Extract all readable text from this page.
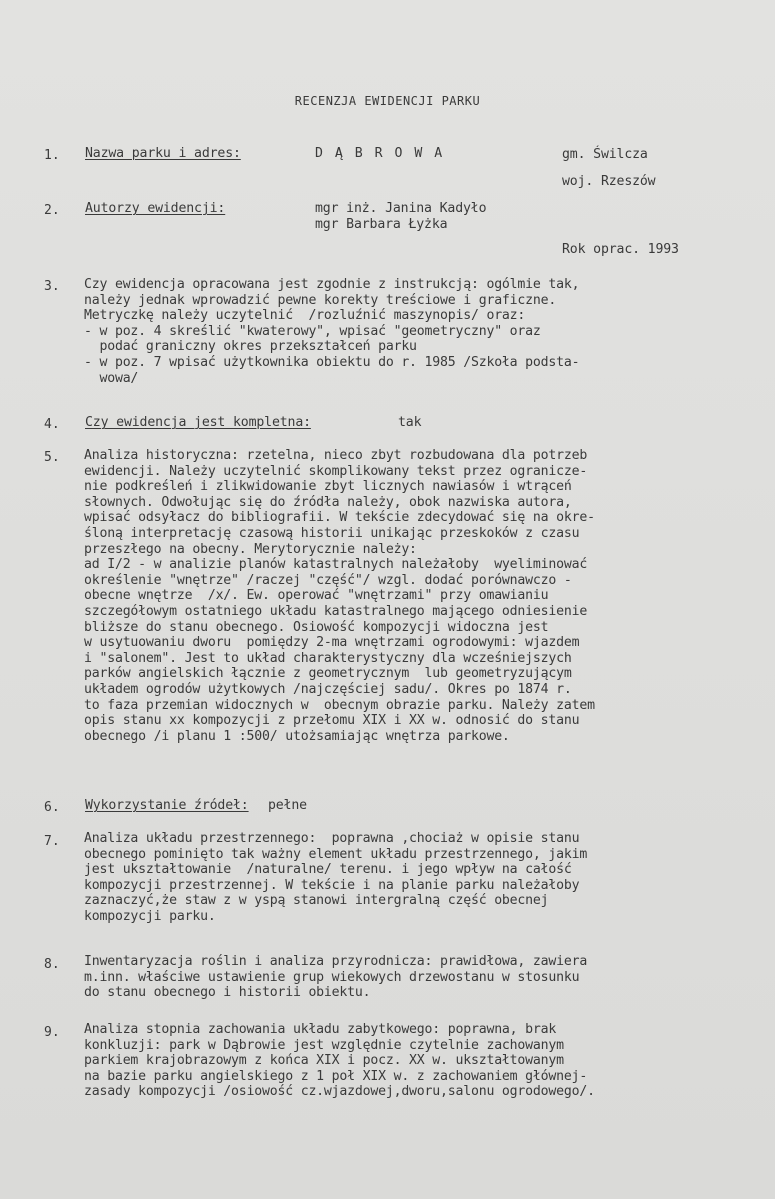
RECENZJA EWIDENCJI PARKU
1. Nazwa parku i adres:	D Ą B R O W A	gm. Świlcza
woj. Rzeszów
2. Autorzy ewidencji:	mgr inż. Janina Kadyło
mgr Barbara Łyżka
Rok oprac. 1993
3. Czy ewidencja opracowana jest zgodnie z instrukcją: ogólmie tak,
należy jednak wprowadzić pewne korekty treściowe i graficzne.
Metryczkę należy uczytelnić  /rozluźnić maszynopis/ oraz:
- w poz. 4 skreślić "kwaterowy", wpisać "geometryczny" oraz
podać graniczny okres przekształceń parku
- w poz. 7 wpisać użytkownika obiektu do r. 1985 /Szkoła podsta-
wowa/
4. Czy ewidencja jest kompletna:	tak
5. Analiza historyczna: rzetelna, nieco zbyt rozbudowana dla potrzeb
ewidencji. Należy uczytelnić skomplikowany tekst przez ogranicze-
nie podkreśleń i zlikwidowanie zbyt licznych nawiasów i wtrąceń
słownych. Odwołując się do źródła należy, obok nazwiska autora,
wpisać odsyłacz do bibliografii. W tekście zdecydować się na okre-
śloną interpretację czasową historii unikając przeskoków z czasu
przeszłego na obecny. Merytorycznie należy:
ad I/2 - w analizie planów katastralnych należałoby  wyeliminować
określenie "wnętrze" /raczej "część"/ wzgl. dodać porównawczo -
obecne wnętrze  /x/. Ew. operować "wnętrzami" przy omawianiu
szczegółowym ostatniego układu katastralnego mającego odniesienie
bliższe do stanu obecnego. Osiowość kompozycji widoczna jest
w usytuowaniu dworu  pomiędzy 2-ma wnętrzami ogrodowymi: wjazdem
i "salonem". Jest to układ charakterystyczny dla wcześniejszych
parków angielskich łącznie z geometrycznym  lub geometryzującym
układem ogrodów użytkowych /najczęściej sadu/. Okres po 1874 r.
to faza przemian widocznych w  obecnym obrazie parku. Należy zatem
opis stanu xx kompozycji z przełomu XIX i XX w. odnosić do stanu
obecnego /i planu 1 :500/ utożsamiając wnętrza parkowe.
6. Wykorzystanie źródeł: pełne
7. Analiza układu przestrzennego:  poprawna ,chociaż w opisie stanu
obecnego pominięto tak ważny element układu przestrzennego, jakim
jest ukształtowanie  /naturalne/ terenu. i jego wpływ na całość
kompozycji przestrzennej. W tekście i na planie parku należałoby
zaznaczyć,że staw z w yspą stanowi intergralną część obecnej
kompozycji parku.
8. Inwentaryzacja roślin i analiza przyrodnicza: prawidłowa, zawiera
m.inn. właściwe ustawienie grup wiekowych drzewostanu w stosunku
do stanu obecnego i historii obiektu.
9. Analiza stopnia zachowania układu zabytkowego: poprawna, brak
konkluzji: park w Dąbrowie jest względnie czytelnie zachowanym
parkiem krajobrazowym z końca XIX i pocz. XX w. ukształtowanym
na bazie parku angielskiego z 1 poł XIX w. z zachowaniem głównej-
zasady kompozycji /osiowość cz.wjazdowej,dworu,salonu ogrodowego/.
